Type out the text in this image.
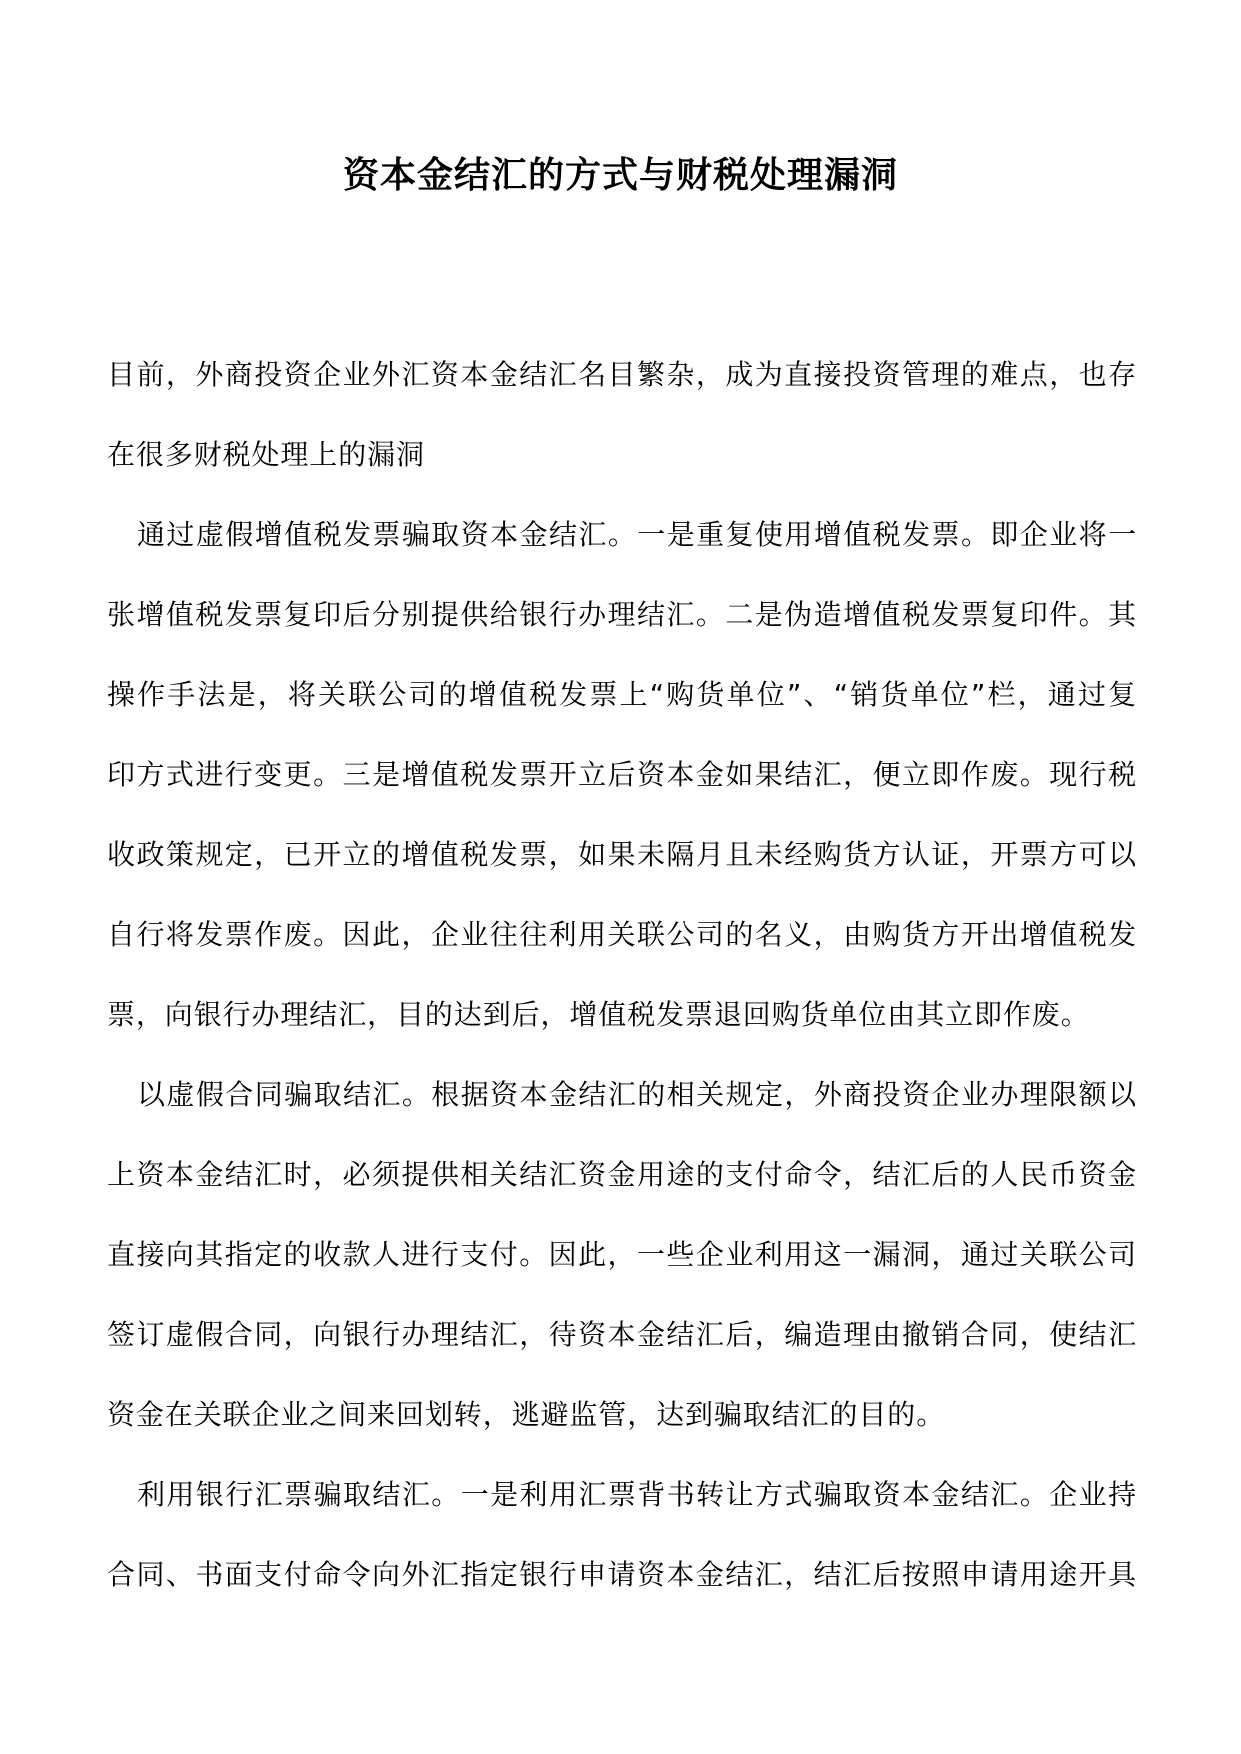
资本金结汇的方式与财税处理漏洞
目前，外商投资企业外汇资本金结汇名目繁杂，成为直接投资管理的难点，也存
在很多财税处理上的漏洞
通过虚假增值税发票骗取资本金结汇。一是重复使用增值税发票。即企业将一
张增值税发票复印后分别提供给银行办理结汇。二是伪造增值税发票复印件。其
操作手法是，将关联公司的增值税发票上“购货单位”、“销货单位”栏，通过复
印方式进行变更。三是增值税发票开立后资本金如果结汇，便立即作废。现行税
收政策规定，已开立的增值税发票，如果未隔月且未经购货方认证，开票方可以
自行将发票作废。因此，企业往往利用关联公司的名义，由购货方开出增值税发
票，向银行办理结汇，目的达到后，增值税发票退回购货单位由其立即作废。
以虚假合同骗取结汇。根据资本金结汇的相关规定，外商投资企业办理限额以
上资本金结汇时，必须提供相关结汇资金用途的支付命令，结汇后的人民币资金
直接向其指定的收款人进行支付。因此，一些企业利用这一漏洞，通过关联公司
签订虚假合同，向银行办理结汇，待资本金结汇后，编造理由撤销合同，使结汇
资金在关联企业之间来回划转，逃避监管，达到骗取结汇的目的。
利用银行汇票骗取结汇。一是利用汇票背书转让方式骗取资本金结汇。企业持
合同、书面支付命令向外汇指定银行申请资本金结汇，结汇后按照申请用途开具
